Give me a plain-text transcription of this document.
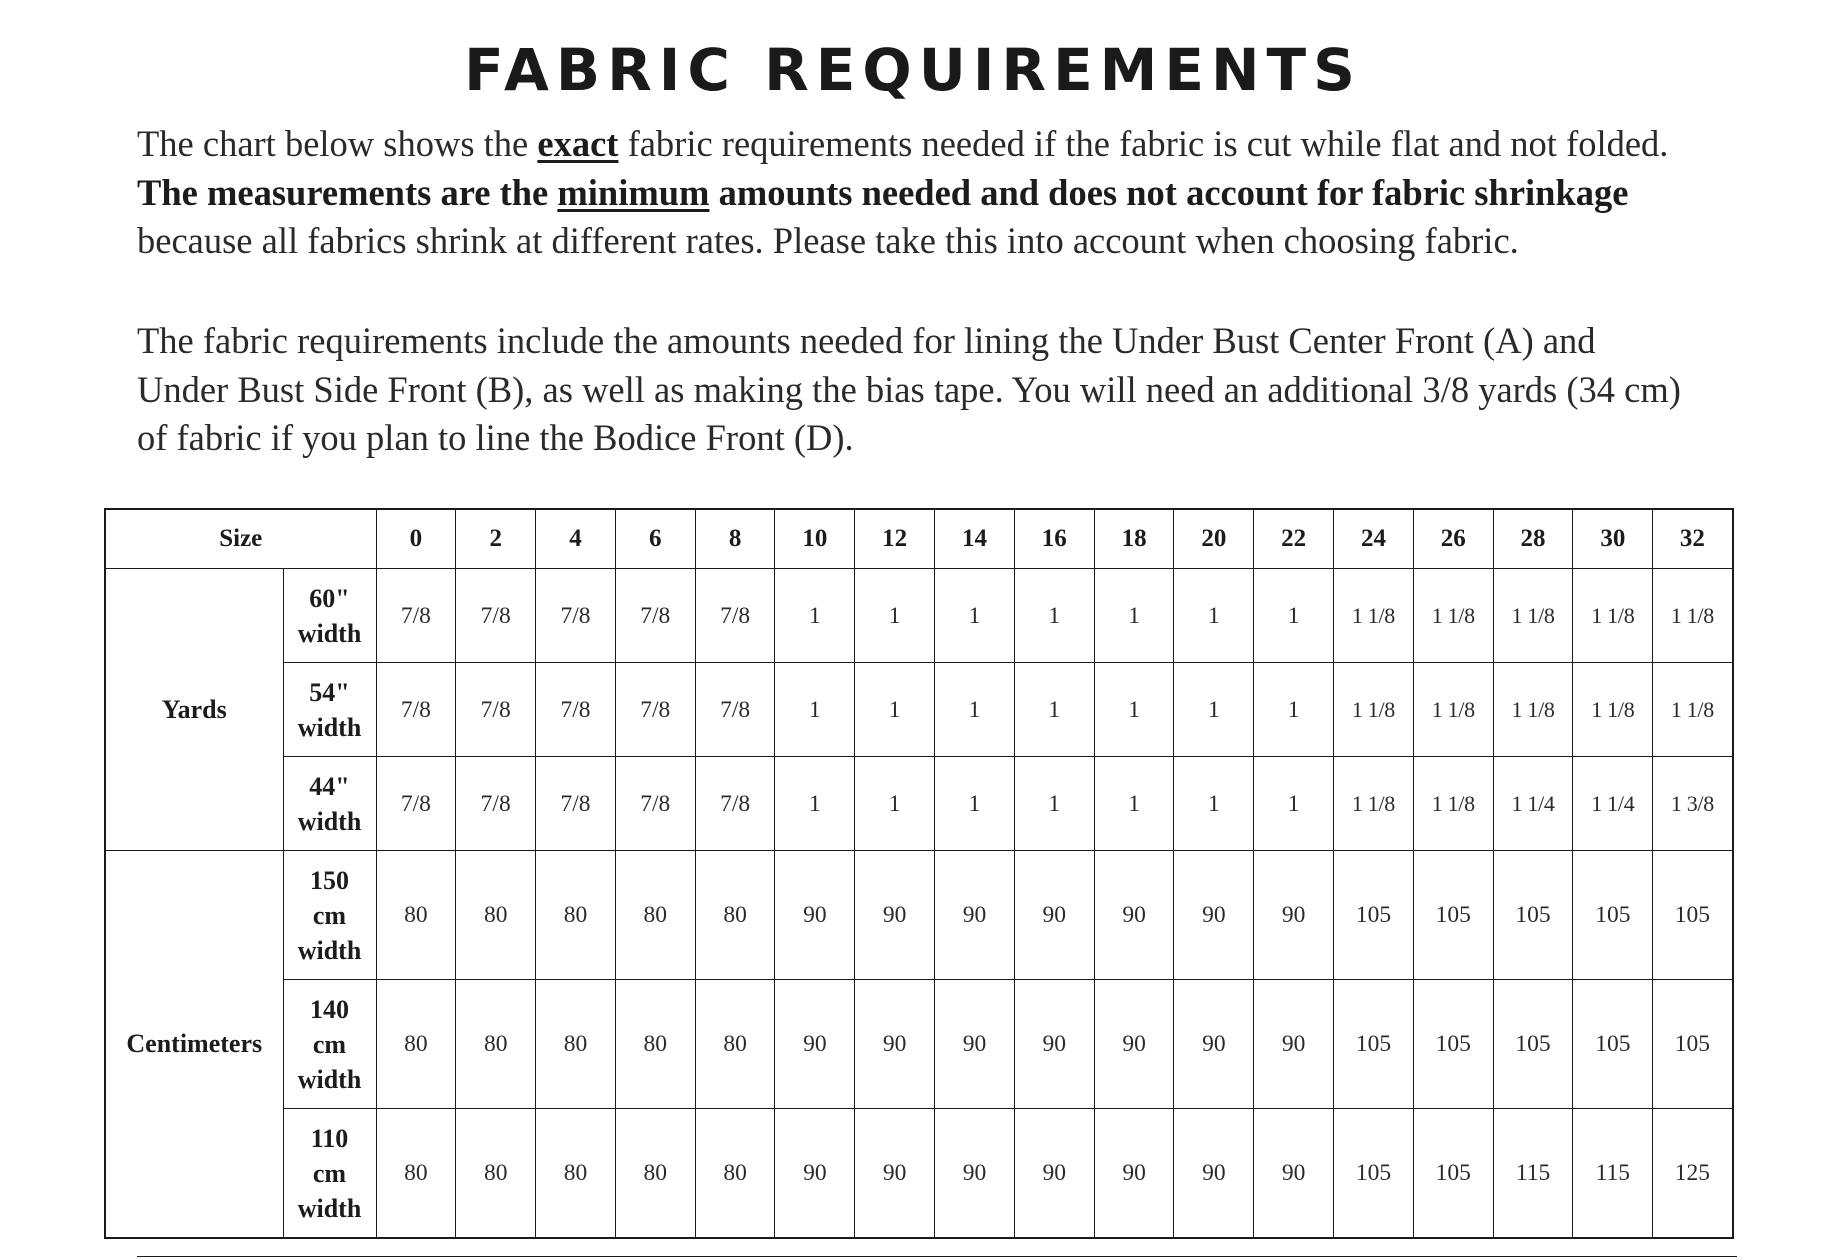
FABRIC REQUIREMENTS
The chart below shows the exact fabric requirements needed if the fabric is cut while flat and not folded.
The measurements are the minimum amounts needed and does not account for fabric shrinkage
because all fabrics shrink at different rates. Please take this into account when choosing fabric.
The fabric requirements include the amounts needed for lining the Under Bust Center Front (A) and
Under Bust Side Front (B), as well as making the bias tape. You will need an additional 3/8 yards (34 cm)
of fabric if you plan to line the Bodice Front (D).
Size		0	2	4	6	8	10	12	14	16	18	20	22	24	26	28	30	32
Yards	60"
width	7/8	7/8	7/8	7/8	7/8	1	1	1	1	1	1	1	1 1/8	1 1/8	1 1/8	1 1/8	1 1/8

	54"
width	7/8	7/8	7/8	7/8	7/8	1	1	1	1	1	1	1	1 1/8	1 1/8	1 1/8	1 1/8	1 1/8

	44"
width	7/8	7/8	7/8	7/8	7/8	1	1	1	1	1	1	1	1 1/8	1 1/8	1 1/4	1 1/4	1 3/8
Centimeters	150
cm
width	80	80	80	80	80	90	90	90	90	90	90	90	105	105	105	105	105

	140
cm
width	80	80	80	80	80	90	90	90	90	90	90	90	105	105	105	105	105

	110
cm
width	80	80	80	80	80	90	90	90	90	90	90	90	105	105	115	115	125
